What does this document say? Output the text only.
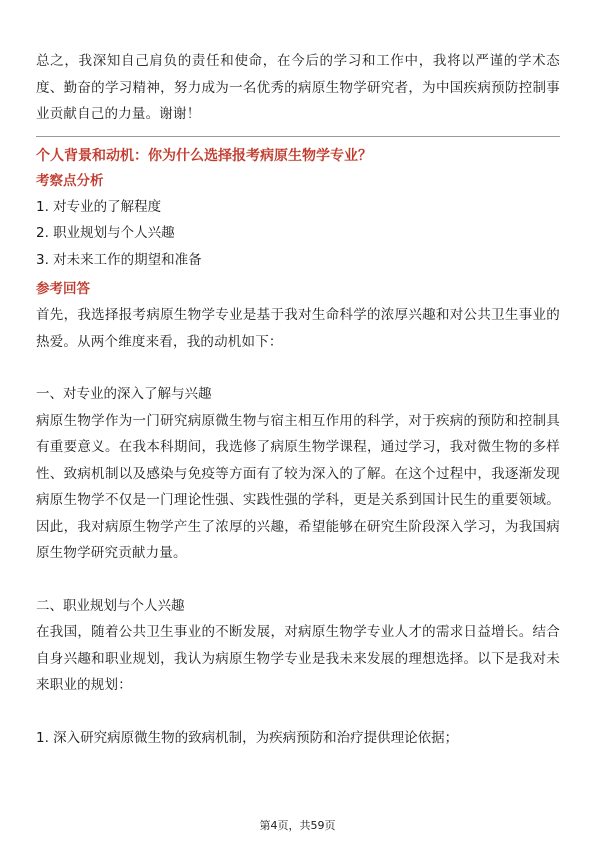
总之，我深知自己肩负的责任和使命，在今后的学习和工作中，我将以严谨的学术态度、勤奋的学习精神，努力成为一名优秀的病原生物学研究者，为中国疾病预防控制事业贡献自己的力量。谢谢！

个人背景和动机：你为什么选择报考病原生物学专业？

考察点分析

1. 对专业的了解程度

2. 职业规划与个人兴趣

3. 对未来工作的期望和准备

参考回答

首先，我选择报考病原生物学专业是基于我对生命科学的浓厚兴趣和对公共卫生事业的热爱。从两个维度来看，我的动机如下：

一、对专业的深入了解与兴趣

病原生物学作为一门研究病原微生物与宿主相互作用的科学，对于疾病的预防和控制具有重要意义。在我本科期间，我选修了病原生物学课程，通过学习，我对微生物的多样性、致病机制以及感染与免疫等方面有了较为深入的了解。在这个过程中，我逐渐发现病原生物学不仅是一门理论性强、实践性强的学科，更是关系到国计民生的重要领域。因此，我对病原生物学产生了浓厚的兴趣，希望能够在研究生阶段深入学习，为我国病原生物学研究贡献力量。

二、职业规划与个人兴趣

在我国，随着公共卫生事业的不断发展，对病原生物学专业人才的需求日益增长。结合自身兴趣和职业规划，我认为病原生物学专业是我未来发展的理想选择。以下是我对未来职业的规划：

1. 深入研究病原微生物的致病机制，为疾病预防和治疗提供理论依据；

第4页，共59页
